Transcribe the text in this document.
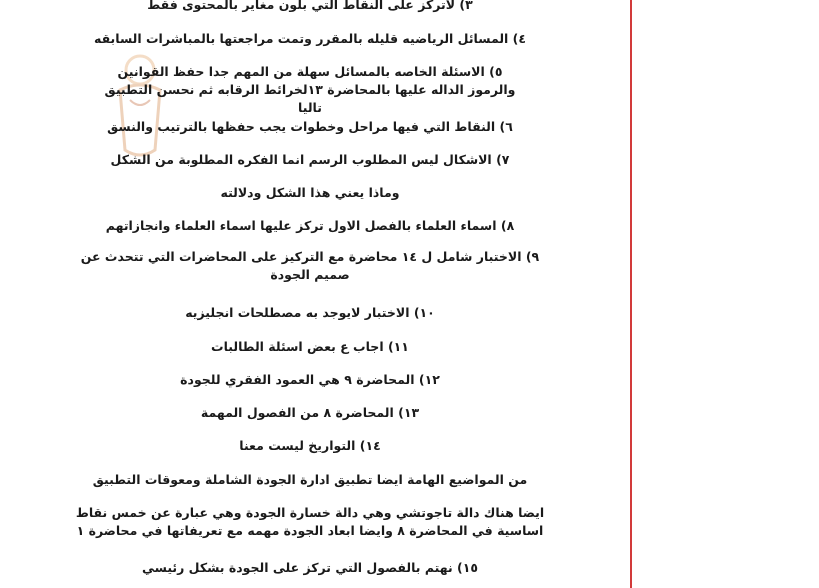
٣) لاتركز على النقاط التي بلون مغاير بالمحتوى فقط
٤) المسائل الرياضيه قليله بالمقرر وتمت مراجعتها بالمباشرات السابقه
٥) الاسئلة الخاصه بالمسائل سهلة من المهم جدا حفظ القوانين والرموز الداله عليها بالمحاضرة ١٣لخرائط الرقابه ثم نحسن التطبيق تاليا
٦) النقاط التي فيها مراحل وخطوات يجب حفظها بالترتيب والنسق
٧) الاشكال ليس المطلوب الرسم انما الفكره المطلوبة من الشكل
وماذا يعني هذا الشكل ودلالته
٨) اسماء العلماء بالفصل الاول تركز عليها اسماء العلماء وانجازاتهم
٩) الاختبار شامل ل ١٤ محاضرة مع التركيز على المحاضرات التي تتحدث عن صميم الجودة
١٠) الاختبار لايوجد به مصطلحات انجليزيه
١١) اجاب ع بعض اسئلة الطالبات
١٢) المحاضرة ٩ هي العمود الفقري للجودة
١٣) المحاضرة ٨ من الفصول المهمة
١٤) التواريخ ليست معنا
من المواضيع الهامة ايضا تطبيق ادارة الجودة الشاملة ومعوقات التطبيق
ايضا هناك دالة تاجوتشي وهي دالة خسارة الجودة وهي عبارة عن خمس نقاط اساسية في المحاضرة ٨ وايضا ابعاد الجودة مهمه مع تعريفاتها في محاضرة ١
١٥) نهتم بالفصول التي تركز على الجودة بشكل رئيسي
